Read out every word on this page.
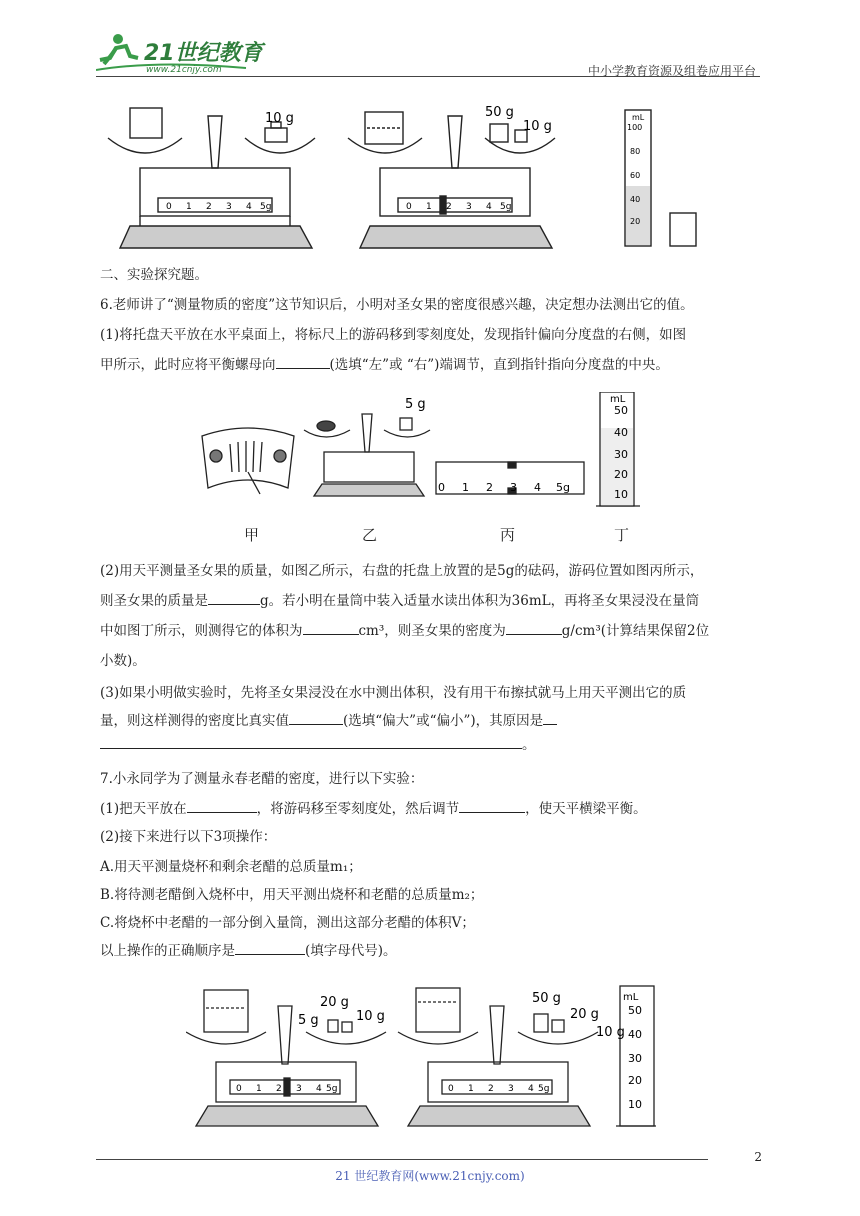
21世纪教育
www.21cnjy.com	中小学教育资源及组卷应用平台
10 g	50 g
10 g
mL
100
80
60
40
20
0 1 2 3 4 5g	0 1 2 3 4 5g
二、实验探究题。
6.老师讲了“测量物质的密度”这节知识后，小明对圣女果的密度很感兴趣，决定想办法测出它的值。
(1)将托盘天平放在水平桌面上，将标尺上的游码移到零刻度处，发现指针偏向分度盘的右侧，如图
甲所示，此时应将平衡螺母向	(选填“左”或 “右”)端调节，直到指针指向分度盘的中央。
5 g
0 1 2 3 4 5g
mL
50
40
30
20
10
甲	乙	丙	丁
(2)用天平测量圣女果的质量，如图乙所示，右盘的托盘上放置的是5g的砝码，游码位置如图丙所示，
则圣女果的质量是	g。若小明在量筒中装入适量水读出体积为36mL，再将圣女果浸没在量筒
中如图丁所示，则测得它的体积为	cm³，则圣女果的密度为	g/cm³(计算结果保留2位
小数)。
(3)如果小明做实验时，先将圣女果浸没在水中测出体积，没有用干布擦拭就马上用天平测出它的质
量，则这样测得的密度比真实值	(选填“偏大”或“偏小”)，其原因是
。
7.小永同学为了测量永春老醋的密度，进行以下实验：
(1)把天平放在	，将游码移至零刻度处，然后调节	，使天平横梁平衡。
(2)接下来进行以下3项操作：
A.用天平测量烧杯和剩余老醋的总质量m₁；
B.将待测老醋倒入烧杯中，用天平测出烧杯和老醋的总质量m₂；
C.将烧杯中老醋的一部分倒入量筒，测出这部分老醋的体积V；
以上操作的正确顺序是	(填字母代号)。
5 g
20 g
10 g
50 g
20 g
10 g
mL
50
40
30
20
10
0 1 2 3 4 5g	0 1 2 3 4 5g
2
21 世纪教育网(www.21cnjy.com)
